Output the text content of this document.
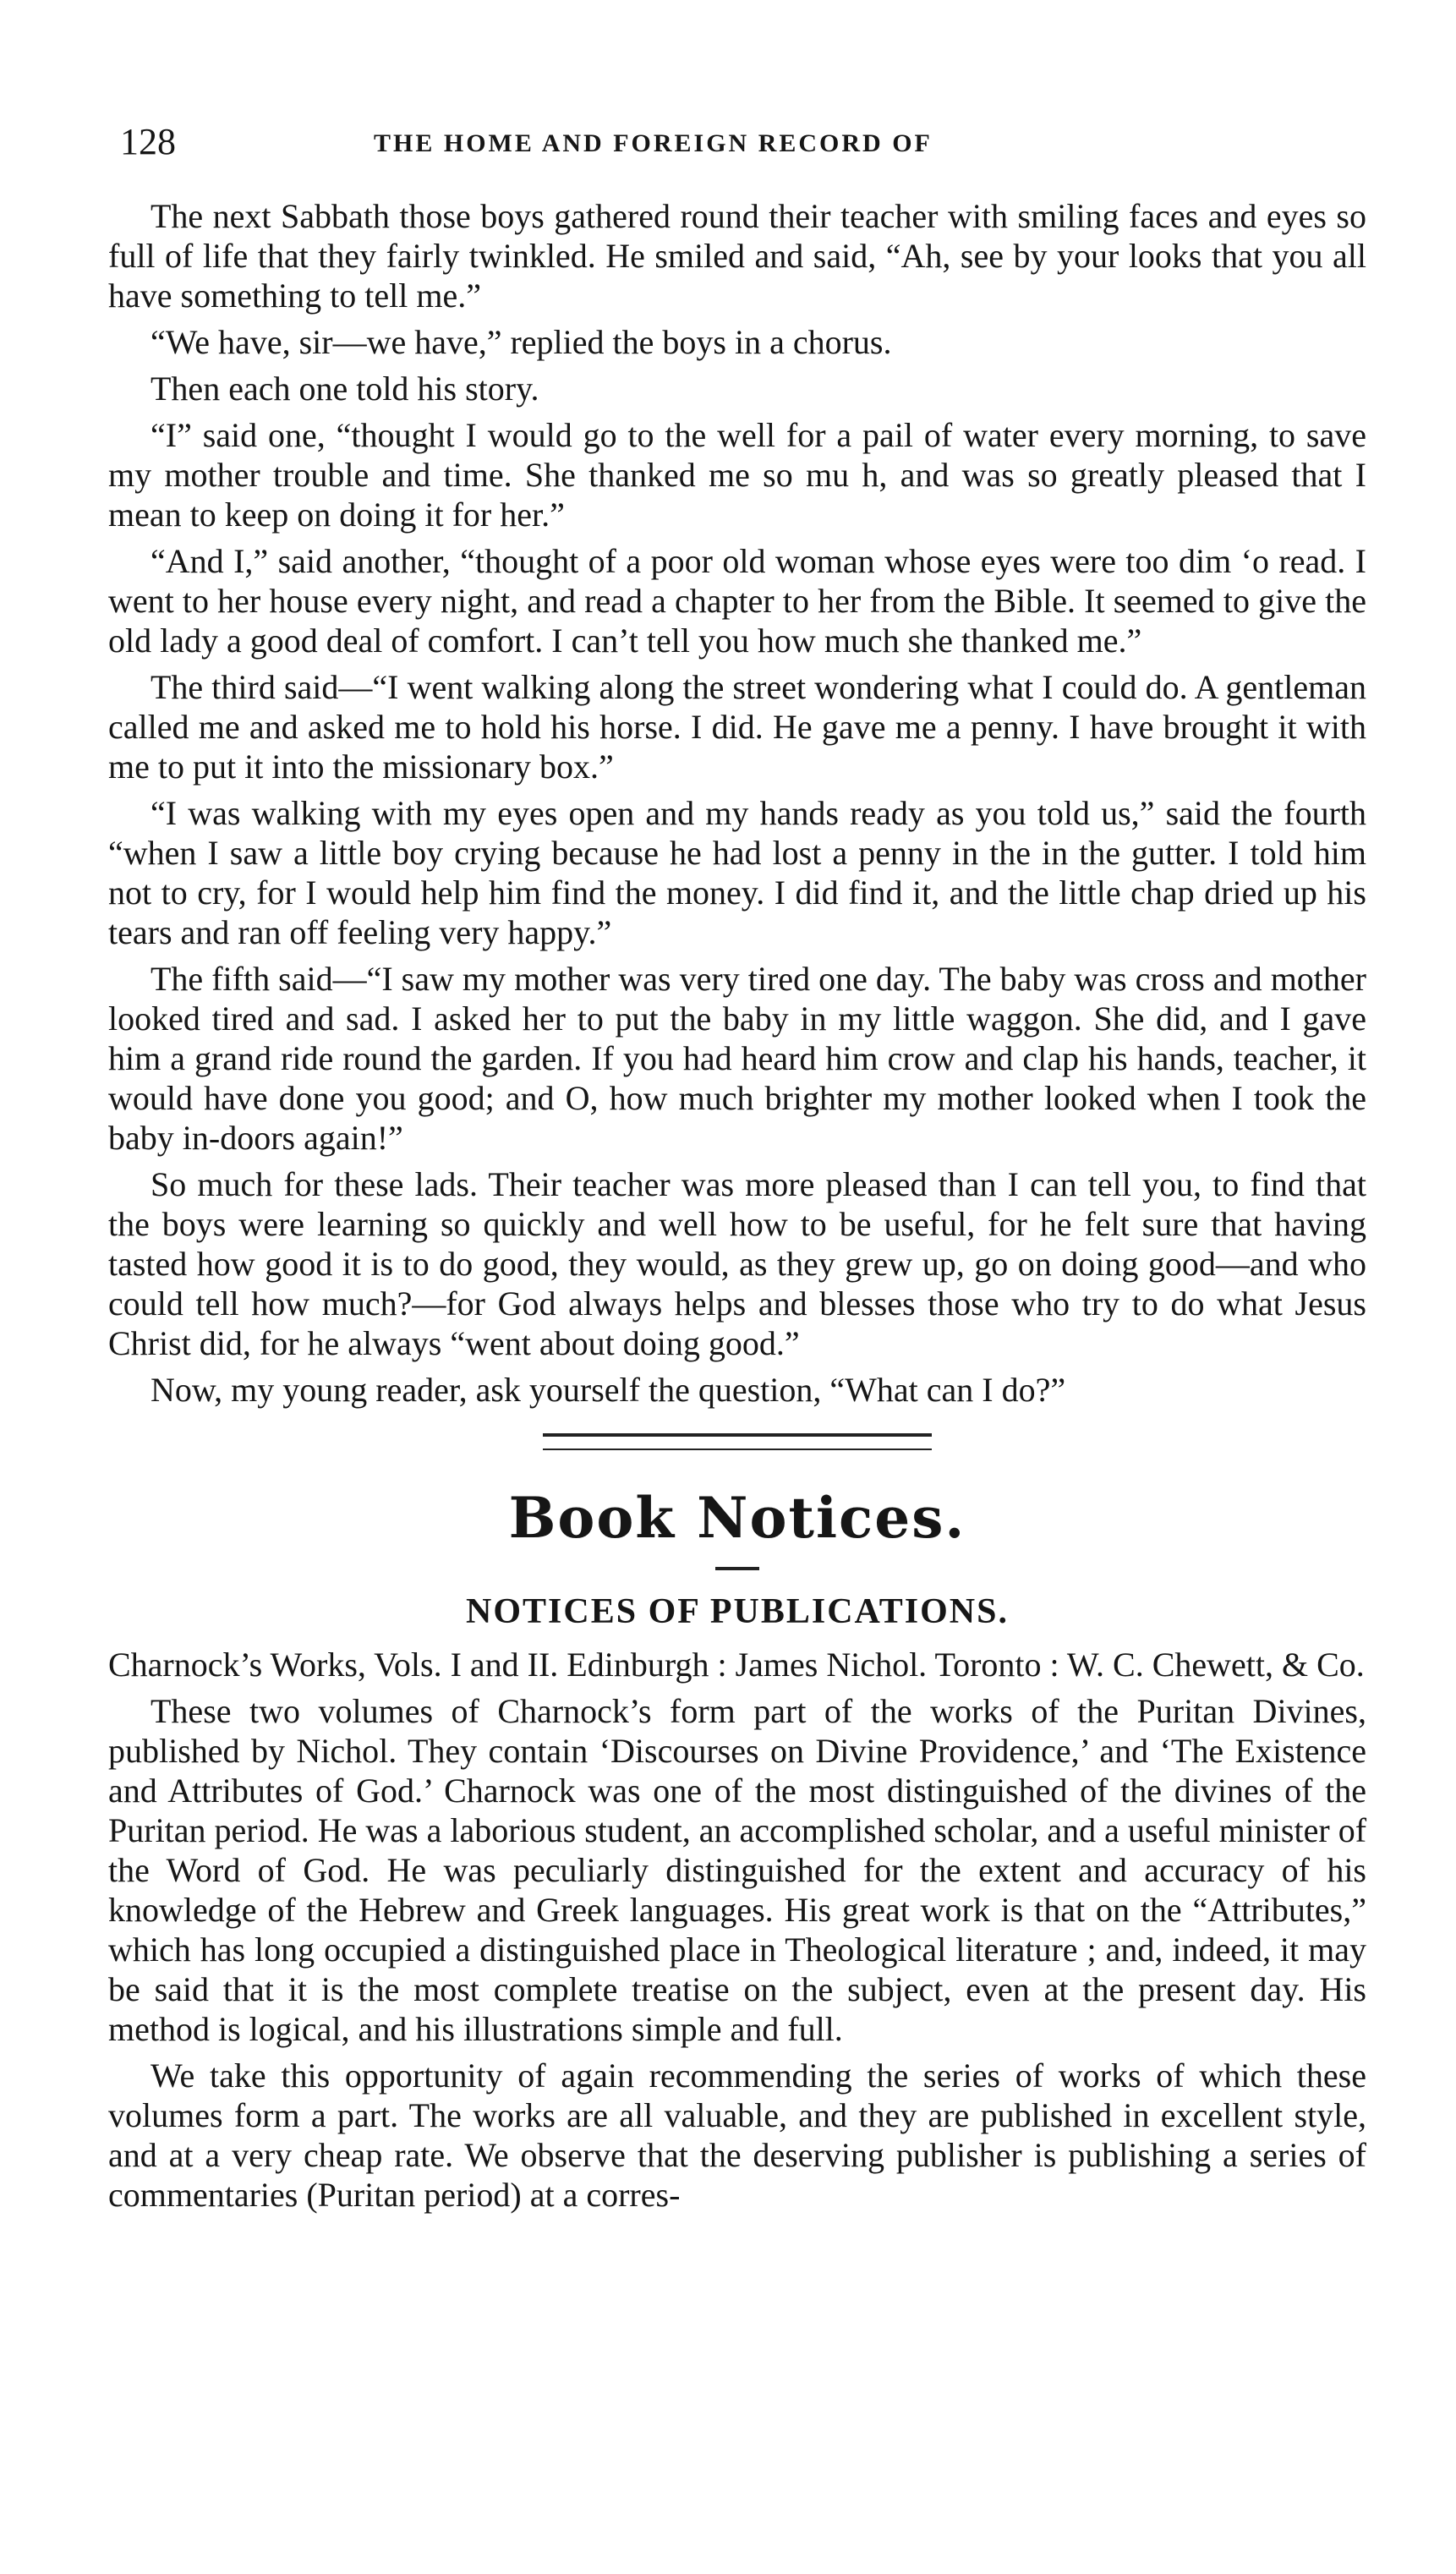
128	THE HOME AND FOREIGN RECORD OF

The next Sabbath those boys gathered round their teacher with smiling faces and eyes so full of life that they fairly twinkled. He smiled and said, “Ah, see by your looks that you all have something to tell me.”

“We have, sir—we have,” replied the boys in a chorus.

Then each one told his story.

“I” said one, “thought I would go to the well for a pail of water every morning, to save my mother trouble and time. She thanked me so mu h, and was so greatly pleased that I mean to keep on doing it for her.”

“And I,” said another, “thought of a poor old woman whose eyes were too dim ‘o read. I went to her house every night, and read a chapter to her from the Bible. It seemed to give the old lady a good deal of comfort. I can’t tell you how much she thanked me.”

The third said—“I went walking along the street wondering what I could do. A gentleman called me and asked me to hold his horse. I did. He gave me a penny. I have brought it with me to put it into the missionary box.”

“I was walking with my eyes open and my hands ready as you told us,” said the fourth “when I saw a little boy crying because he had lost a penny in the in the gutter. I told him not to cry, for I would help him find the money. I did find it, and the little chap dried up his tears and ran off feeling very happy.”

The fifth said—“I saw my mother was very tired one day. The baby was cross and mother looked tired and sad. I asked her to put the baby in my little waggon. She did, and I gave him a grand ride round the garden. If you had heard him crow and clap his hands, teacher, it would have done you good; and O, how much brighter my mother looked when I took the baby in-doors again!”

So much for these lads. Their teacher was more pleased than I can tell you, to find that the boys were learning so quickly and well how to be useful, for he felt sure that having tasted how good it is to do good, they would, as they grew up, go on doing good—and who could tell how much?—for God always helps and blesses those who try to do what Jesus Christ did, for he always “went about doing good.”

Now, my young reader, ask yourself the question, “What can I do?”

Book Notices.
NOTICES OF PUBLICATIONS.

Charnock’s Works, Vols. I and II. Edinburgh : James Nichol. Toronto : W. C. Chewett, & Co.

These two volumes of Charnock’s form part of the works of the Puritan Divines, published by Nichol. They contain ‘Discourses on Divine Providence,’ and ‘The Existence and Attributes of God.’ Charnock was one of the most distinguished of the divines of the Puritan period. He was a laborious student, an accomplished scholar, and a useful minister of the Word of God. He was peculiarly distinguished for the extent and accuracy of his knowledge of the Hebrew and Greek languages. His great work is that on the “Attributes,” which has long occupied a distinguished place in Theological literature ; and, indeed, it may be said that it is the most complete treatise on the subject, even at the present day. His method is logical, and his illustrations simple and full.

We take this opportunity of again recommending the series of works of which these volumes form a part. The works are all valuable, and they are published in excellent style, and at a very cheap rate. We observe that the deserving publisher is publishing a series of commentaries (Puritan period) at a corres-
